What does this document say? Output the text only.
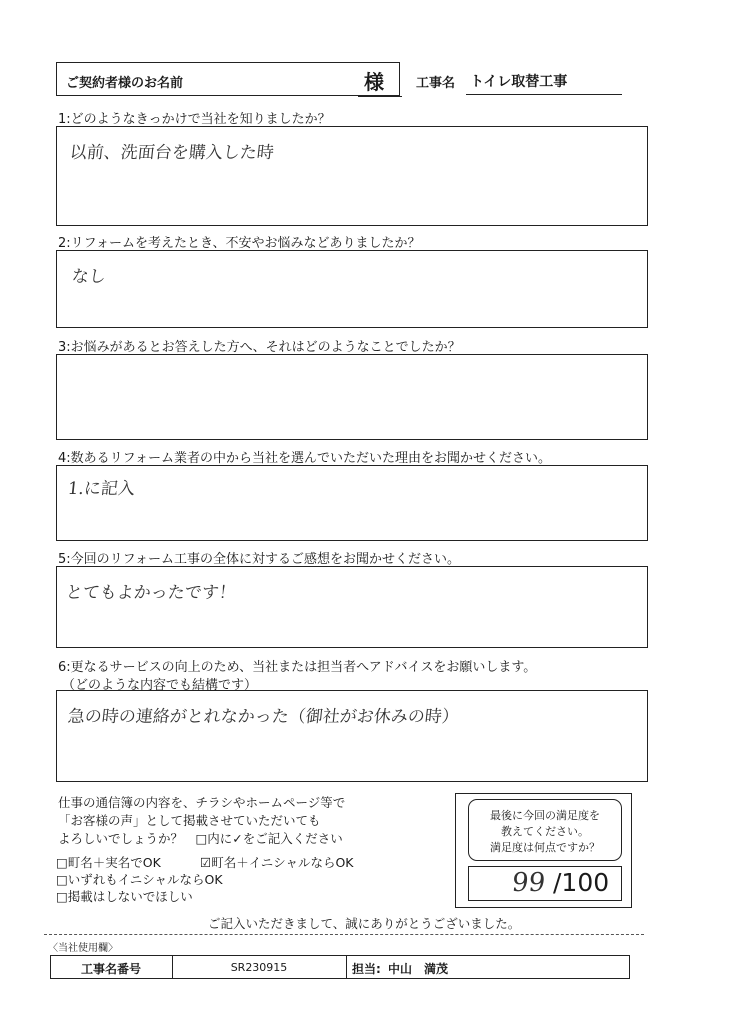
ご契約者様のお名前	様 工事名 トイレ取替工事
1:どのようなきっかけで当社を知りましたか？
以前、洗面台を購入した時
2:リフォームを考えたとき、不安やお悩みなどありましたか？
なし
3:お悩みがあるとお答えした方へ、それはどのようなことでしたか？
4:数あるリフォーム業者の中から当社を選んでいただいた理由をお聞かせください。
1.に記入
5:今回のリフォーム工事の全体に対するご感想をお聞かせください。
とてもよかったです！
6:更なるサービスの向上のため、当社または担当者へアドバイスをお願いします。
（どのような内容でも結構です）
急の時の連絡がとれなかった（御社がお休みの時）
仕事の通信簿の内容を、チラシやホームページ等で
「お客様の声」として掲載させていただいても
よろしいでしょうか？　□内に✓をご記入ください
□町名＋実名でOK	☑町名＋イニシャルならOK
□いずれもイニシャルならOK
□掲載はしないでほしい
最後に今回の満足度を
教えてください。
満足度は何点ですか？
99 /100
ご記入いただきまして、誠にありがとうございました。
〈当社使用欄〉
工事名番号	SR230915	担当: 中山　満茂
